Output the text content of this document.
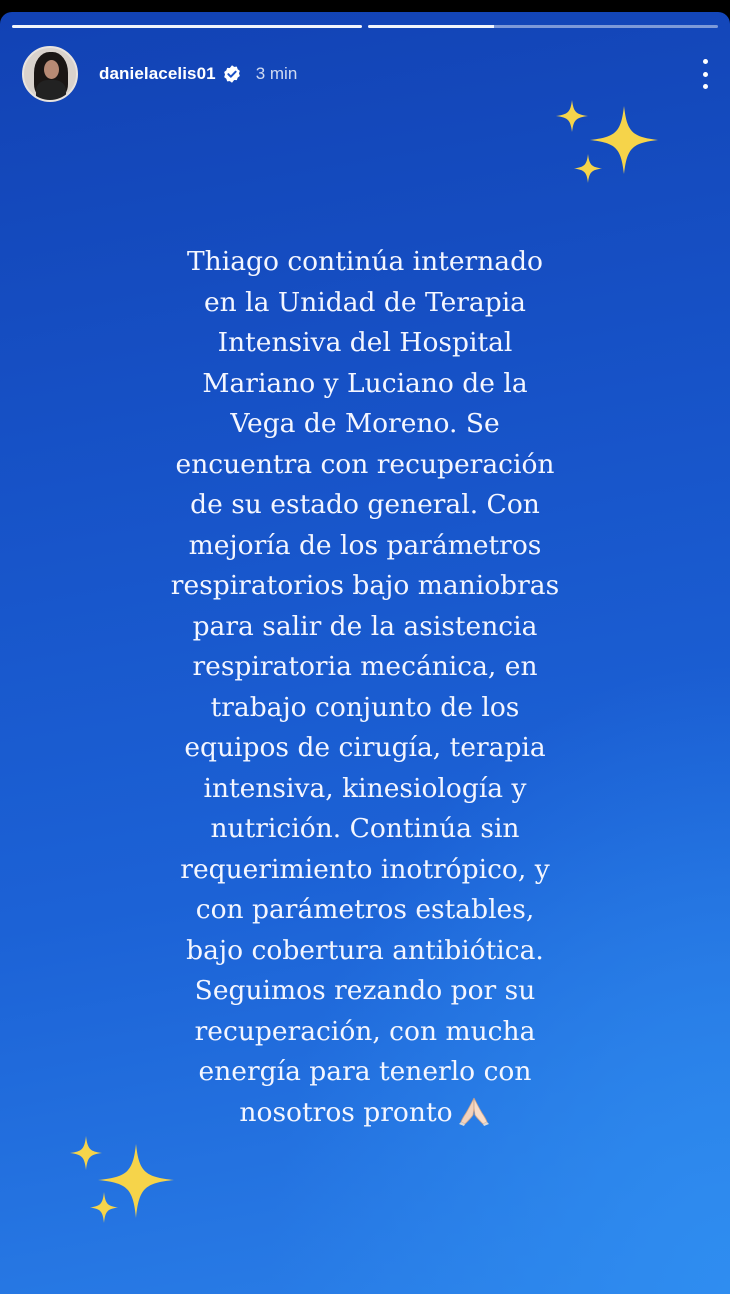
danielacelis01 3 min
Thiago continúa internado
en la Unidad de Terapia
Intensiva del Hospital
Mariano y Luciano de la
Vega de Moreno. Se
encuentra con recuperación
de su estado general. Con
mejoría de los parámetros
respiratorios bajo maniobras
para salir de la asistencia
respiratoria mecánica, en
trabajo conjunto de los
equipos de cirugía, terapia
intensiva, kinesiología y
nutrición. Continúa sin
requerimiento inotrópico, y
con parámetros estables,
bajo cobertura antibiótica.
Seguimos rezando por su
recuperación, con mucha
energía para tenerlo con
nosotros pronto
